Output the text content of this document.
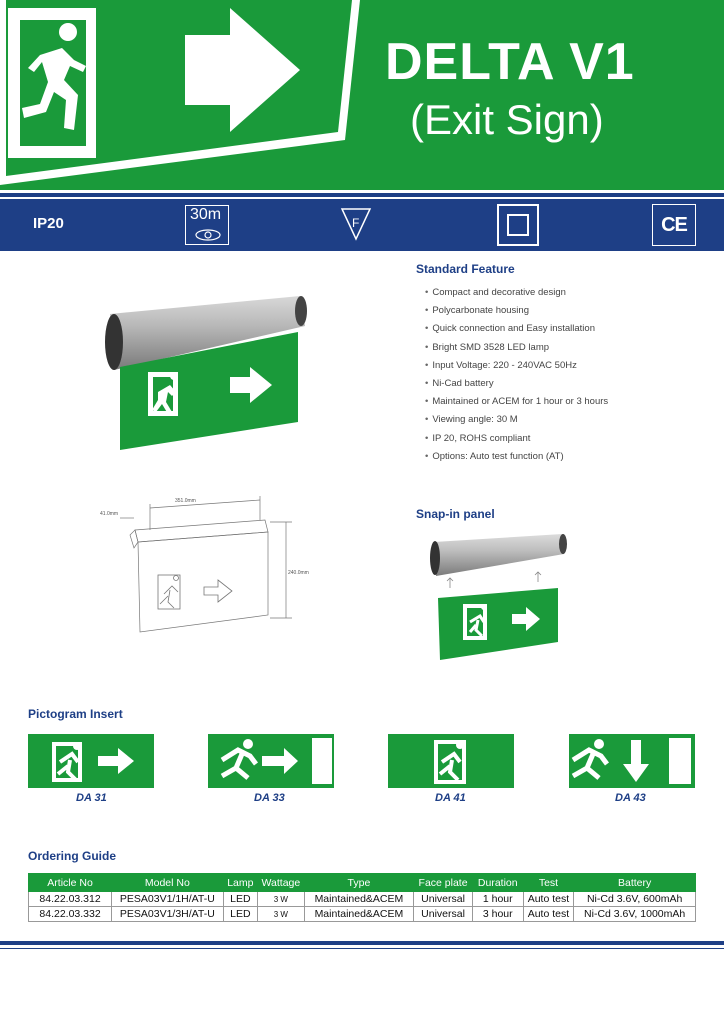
DELTA V1
(Exit Sign)
IP20
30m	F	CE
Standard Feature
• Compact and decorative design
• Polycarbonate housing
• Quick connection and Easy installation
• Bright SMD 3528 LED lamp
• Input Voltage: 220 - 240VAC 50Hz
• Ni-Cad battery
• Maintained or ACEM for 1 hour or 3 hours
• Viewing angle: 30 M
• IP 20, ROHS compliant
• Options: Auto test function (AT)
351.0mm
41.0mm
240.0mm
Snap-in panel
Pictogram Insert
DA 31	DA 33	DA 41	DA 43
Ordering Guide
Article No	Model No	Lamp	Wattage	Type	Face plate	Duration	Test	Battery
84.22.03.312	PESA03V1/1H/AT-U	LED	3 W	Maintained&ACEM	Universal	1 hour	Auto test	Ni-Cd 3.6V, 600mAh
84.22.03.332	PESA03V1/3H/AT-U	LED	3 W	Maintained&ACEM	Universal	3 hour	Auto test	Ni-Cd 3.6V, 1000mAh
